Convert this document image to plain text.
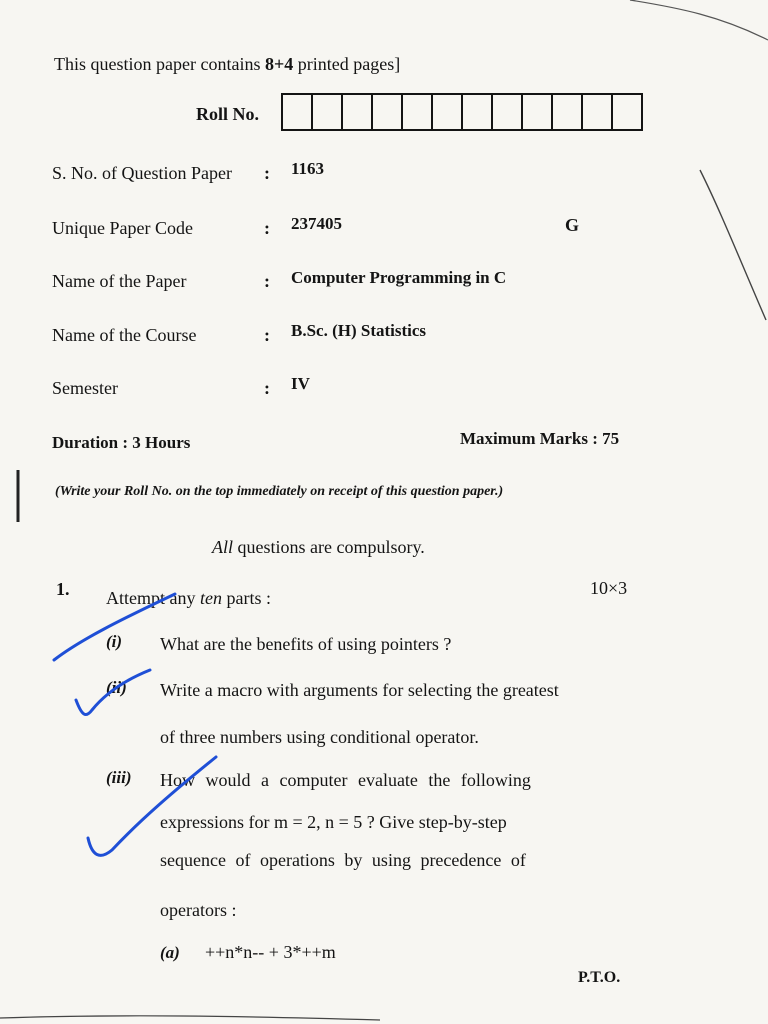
This question paper contains 8+4 printed pages]
Roll No.
S. No. of Question Paper : 1163
Unique Paper Code	: 237405	G
Name of the Paper	: Computer Programming in C
Name of the Course	: B.Sc. (H) Statistics
Semester	: IV
Duration : 3 Hours	Maximum Marks : 75
(Write your Roll No. on the top immediately on receipt of this question paper.)
All questions are compulsory.
1. Attempt any ten parts :	10×3
(i) What are the benefits of using pointers ?
(ii) Write a macro with arguments for selecting the greatest
of three numbers using conditional operator.
(iii) How would a computer evaluate the following
expressions for m = 2, n = 5 ? Give step-by-step
sequence of operations by using precedence of
operators :
(a) ++n*n-- + 3*++m
P.T.O.
